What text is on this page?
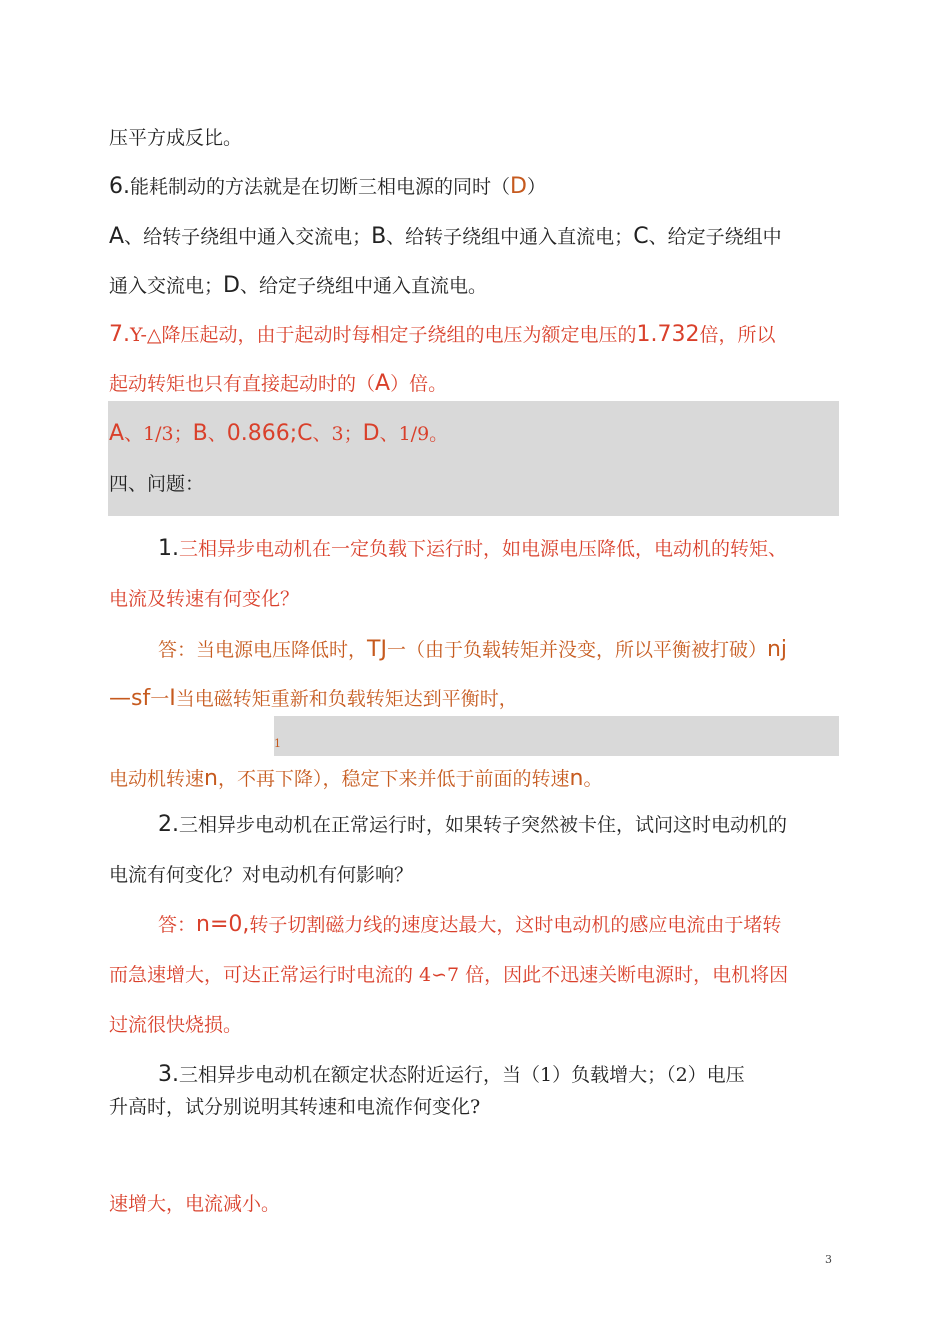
压平方成反比。
6.能耗制动的方法就是在切断三相电源的同时（D）
A、给转子绕组中通入交流电；B、给转子绕组中通入直流电；C、给定子绕组中
通入交流电；D、给定子绕组中通入直流电。
7.Y-△降压起动，由于起动时每相定子绕组的电压为额定电压的1.732倍，所以
起动转矩也只有直接起动时的（A）倍。
A、1/3；B、0.866;C、3；D、1/9。
四、问题：
1.三相异步电动机在一定负载下运行时，如电源电压降低，电动机的转矩、
电流及转速有何变化？
答：当电源电压降低时，TJ一（由于负载转矩并没变，所以平衡被打破）nj
—sf一I当电磁转矩重新和负载转矩达到平衡时，
1
电动机转速n，不再下降），稳定下来并低于前面的转速n。
2.三相异步电动机在正常运行时，如果转子突然被卡住，试问这时电动机的
电流有何变化？对电动机有何影响？
答：n=0,转子切割磁力线的速度达最大，这时电动机的感应电流由于堵转
而急速增大，可达正常运行时电流的 4∽7 倍，因此不迅速关断电源时，电机将因
过流很快烧损。
3.三相异步电动机在额定状态附近运行，当（1）负载增大；（2）电压
升高时，试分别说明其转速和电流作何变化?
速增大，电流减小。
3
